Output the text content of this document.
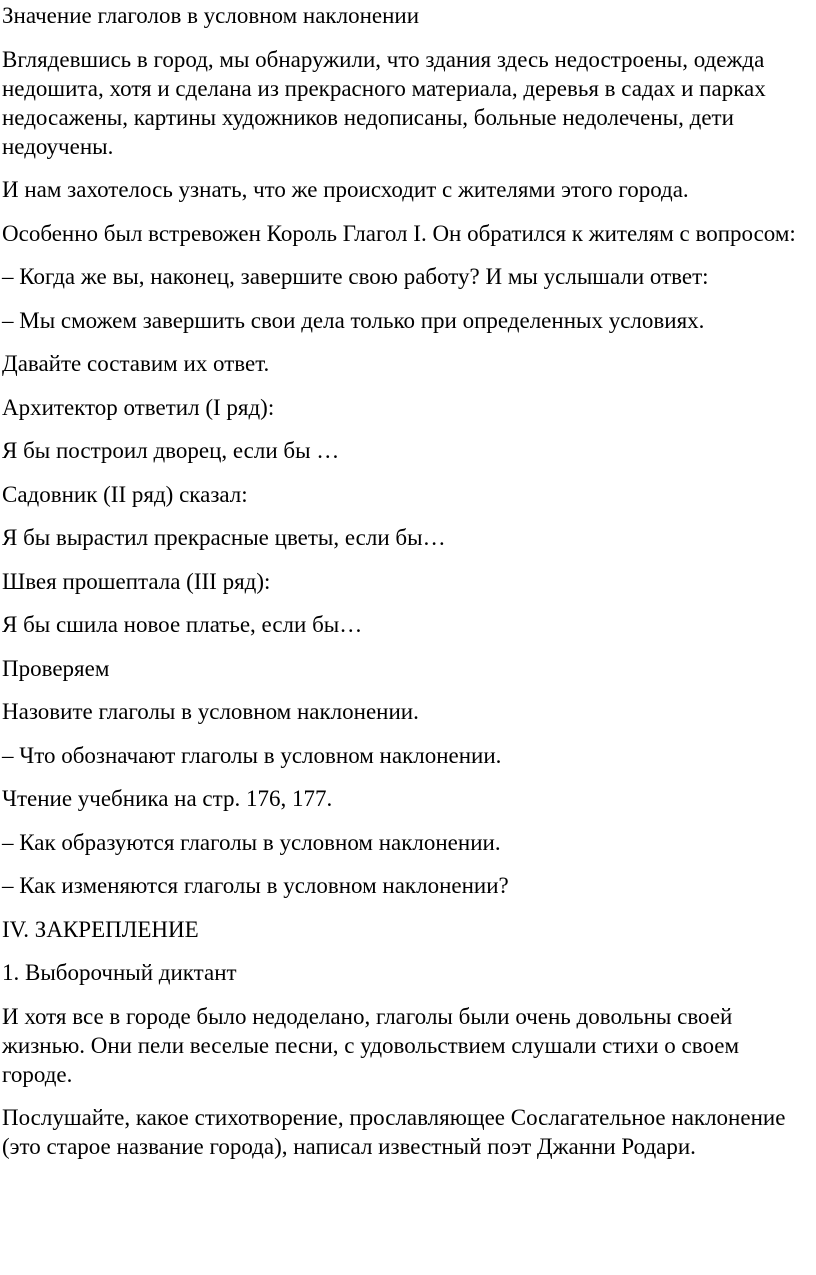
Значение глаголов в условном наклонении

Вглядевшись в город, мы обнаружили, что здания здесь недостроены, одежда недошита, хотя и сделана из прекрасного материала, деревья в садах и парках недосажены, картины художников недописаны, больные недолечены, дети недоучены.

И нам захотелось узнать, что же происходит с жителями этого города.

Особенно был встревожен Король Глагол I. Он обратился к жителям с вопросом:

– Когда же вы, наконец, завершите свою работу? И мы услышали ответ:

– Мы сможем завершить свои дела только при определенных условиях.

Давайте составим их ответ.

Архитектор ответил (I ряд):

Я бы построил дворец, если бы …

Садовник (II ряд) сказал:

Я бы вырастил прекрасные цветы, если бы…

Швея прошептала (III ряд):

Я бы сшила новое платье, если бы…

Проверяем

Назовите глаголы в условном наклонении.

– Что обозначают глаголы в условном наклонении.

Чтение учебника на стр. 176, 177.

– Как образуются глаголы в условном наклонении.

– Как изменяются глаголы в условном наклонении?

IV. ЗАКРЕПЛЕНИЕ

1. Выборочный диктант

И хотя все в городе было недоделано, глаголы были очень довольны своей жизнью. Они пели веселые песни, с удовольствием слушали стихи о своем городе.

Послушайте, какое стихотворение, прославляющее Сослагательное наклонение (это старое название города), написал известный поэт Джанни Родари.
